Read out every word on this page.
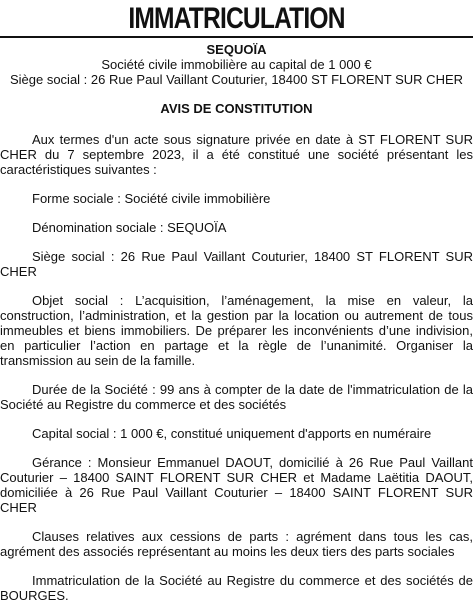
IMMATRICULATION
SEQUOÏA
Société civile immobilière au capital de 1 000 €
Siège social : 26 Rue Paul Vaillant Couturier, 18400 ST FLORENT SUR CHER
AVIS DE CONSTITUTION

Aux termes d'un acte sous signature privée en date à ST FLORENT SUR CHER du 7 septembre 2023, il a été constitué une société présentant les caractéristiques suivantes :

Forme sociale : Société civile immobilière

Dénomination sociale : SEQUOÏA

Siège social : 26 Rue Paul Vaillant Couturier, 18400 ST FLORENT SUR CHER

Objet social : L’acquisition, l’aménagement, la mise en valeur, la construction, l’administration, et la gestion par la location ou autrement de tous immeubles et biens immobiliers. De préparer les inconvénients d’une indivision, en particulier l’action en partage et la règle de l’unanimité. Organiser la transmission au sein de la famille.

Durée de la Société : 99 ans à compter de la date de l'immatriculation de la Société au Registre du commerce et des sociétés

Capital social : 1 000 €, constitué uniquement d'apports en numéraire

Gérance : Monsieur Emmanuel DAOUT, domicilié à 26 Rue Paul Vaillant Couturier – 18400 SAINT FLORENT SUR CHER et Madame Laëtitia DAOUT, domiciliée à 26 Rue Paul Vaillant Couturier – 18400 SAINT FLORENT SUR CHER

Clauses relatives aux cessions de parts : agrément dans tous les cas, agrément des associés représentant au moins les deux tiers des parts sociales

Immatriculation de la Société au Registre du commerce et des sociétés de BOURGES.
